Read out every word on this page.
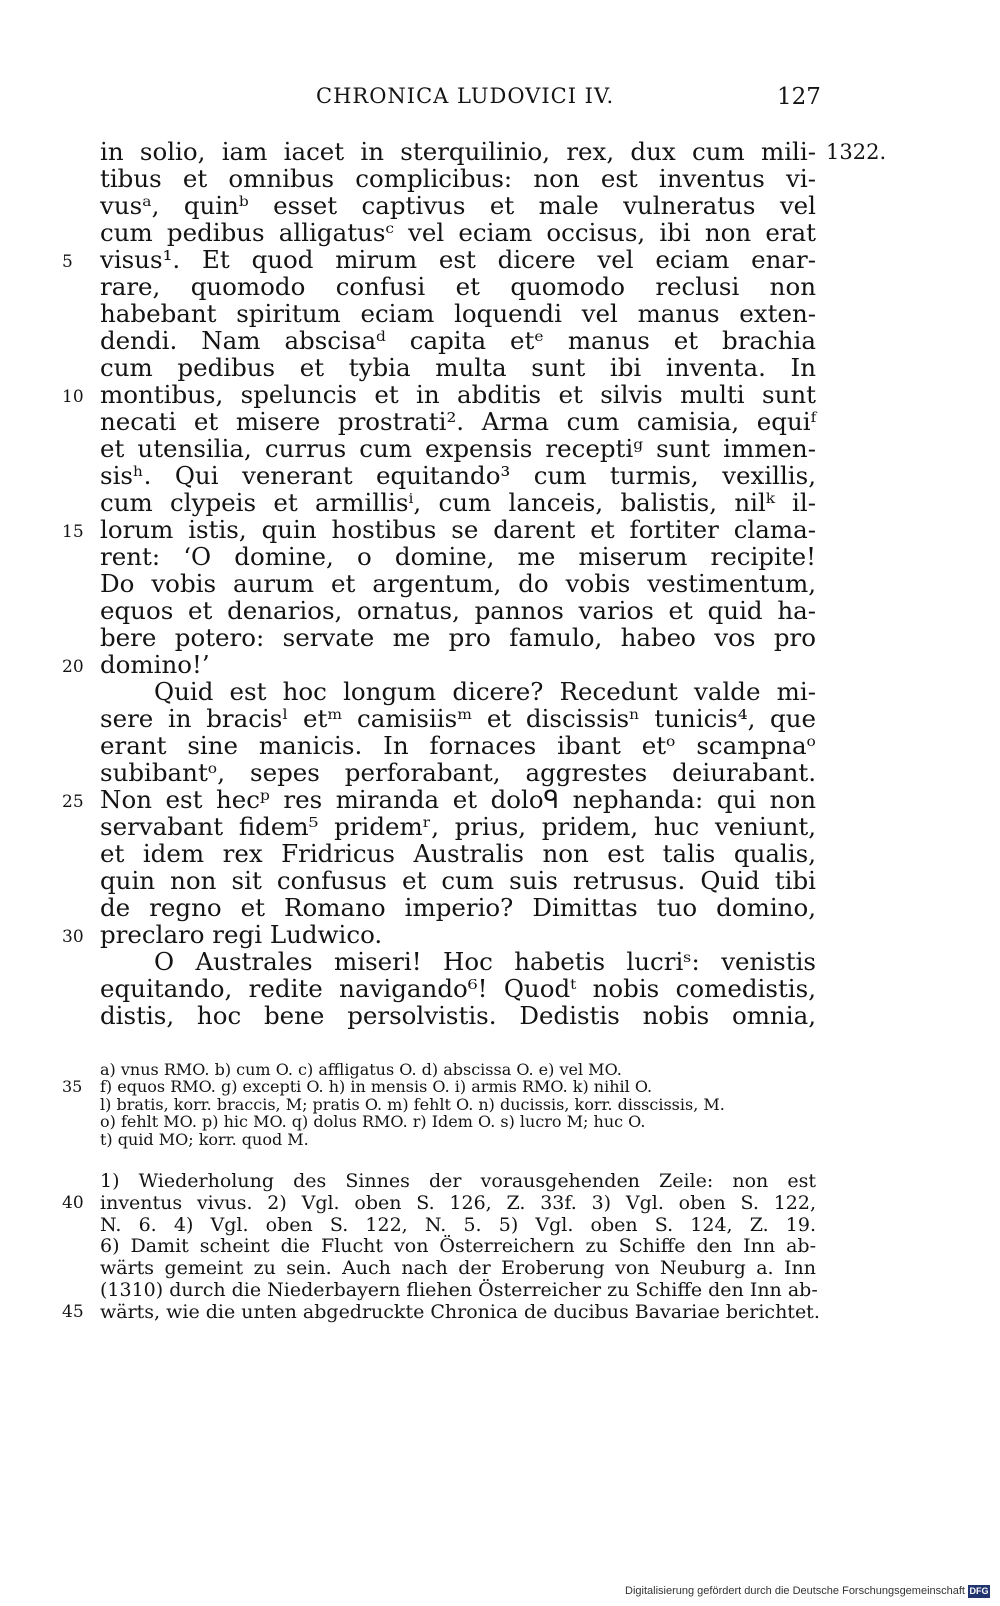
CHRONICA LUDOVICI IV.	127
1322.
in solio, iam iacet in sterquilinio, rex, dux cum mili-
tibus et omnibus complicibus: non est inventus vi-
vusᵃ, quinᵇ esset captivus et male vulneratus vel
cum pedibus alligatusᶜ vel eciam occisus, ibi non erat
visus¹. Et quod mirum est dicere vel eciam enar-
5
rare, quomodo confusi et quomodo reclusi non
habebant spiritum eciam loquendi vel manus exten-
dendi. Nam abscisaᵈ capita etᵉ manus et brachia
cum pedibus et tybia multa sunt ibi inventa. In
montibus, speluncis et in abditis et silvis multi sunt
10
necati et misere prostrati². Arma cum camisia, equiᶠ
et utensilia, currus cum expensis receptiᵍ sunt immen-
sisʰ. Qui venerant equitando³ cum turmis, vexillis,
cum clypeis et armillisⁱ, cum lanceis, balistis, nilᵏ il-
lorum istis, quin hostibus se darent et fortiter clama-
15
rent: ‘O domine, o domine, me miserum recipite!
Do vobis aurum et argentum, do vobis vestimentum,
equos et denarios, ornatus, pannos varios et quid ha-
bere potero: servate me pro famulo, habeo vos pro
domino!’
20
Quid est hoc longum dicere? Recedunt valde mi-
sere in bracisˡ etᵐ camisiisᵐ et discissisⁿ tunicis⁴, que
erant sine manicis. In fornaces ibant etᵒ scampnaᵒ
subibantᵒ, sepes perforabant, aggrestes deiurabant.
Non est hecᵖ res miranda et doloᑫ nephanda: qui non
25
servabant fidem⁵ pridemʳ, prius, pridem, huc veniunt,
et idem rex Fridricus Australis non est talis qualis,
quin non sit confusus et cum suis retrusus. Quid tibi
de regno et Romano imperio? Dimittas tuo domino,
preclaro regi Ludwico.
30
O Australes miseri! Hoc habetis lucriˢ: venistis
equitando, redite navigando⁶! Quodᵗ nobis comedistis,
distis, hoc bene persolvistis. Dedistis nobis omnia,
a) vnus RMO. b) cum O. c) affligatus O. d) abscissa O. e) vel MO.
f) equos RMO. g) excepti O. h) in mensis O. i) armis RMO. k) nihil O.
35
l) bratis, korr. braccis, M; pratis O. m) fehlt O. n) ducissis, korr. disscissis, M.
o) fehlt MO. p) hic MO. q) dolus RMO. r) Idem O. s) lucro M; huc O.
t) quid MO; korr. quod M.
1) Wiederholung des Sinnes der vorausgehenden Zeile: non est
inventus vivus. 2) Vgl. oben S. 126, Z. 33f. 3) Vgl. oben S. 122,
40
N. 6. 4) Vgl. oben S. 122, N. 5. 5) Vgl. oben S. 124, Z. 19.
6) Damit scheint die Flucht von Österreichern zu Schiffe den Inn ab-
wärts gemeint zu sein. Auch nach der Eroberung von Neuburg a. Inn
(1310) durch die Niederbayern fliehen Österreicher zu Schiffe den Inn ab-
wärts, wie die unten abgedruckte Chronica de ducibus Bavariae berichtet.
45
Digitalisierung gefördert durch die Deutsche Forschungsgemeinschaft DFG
